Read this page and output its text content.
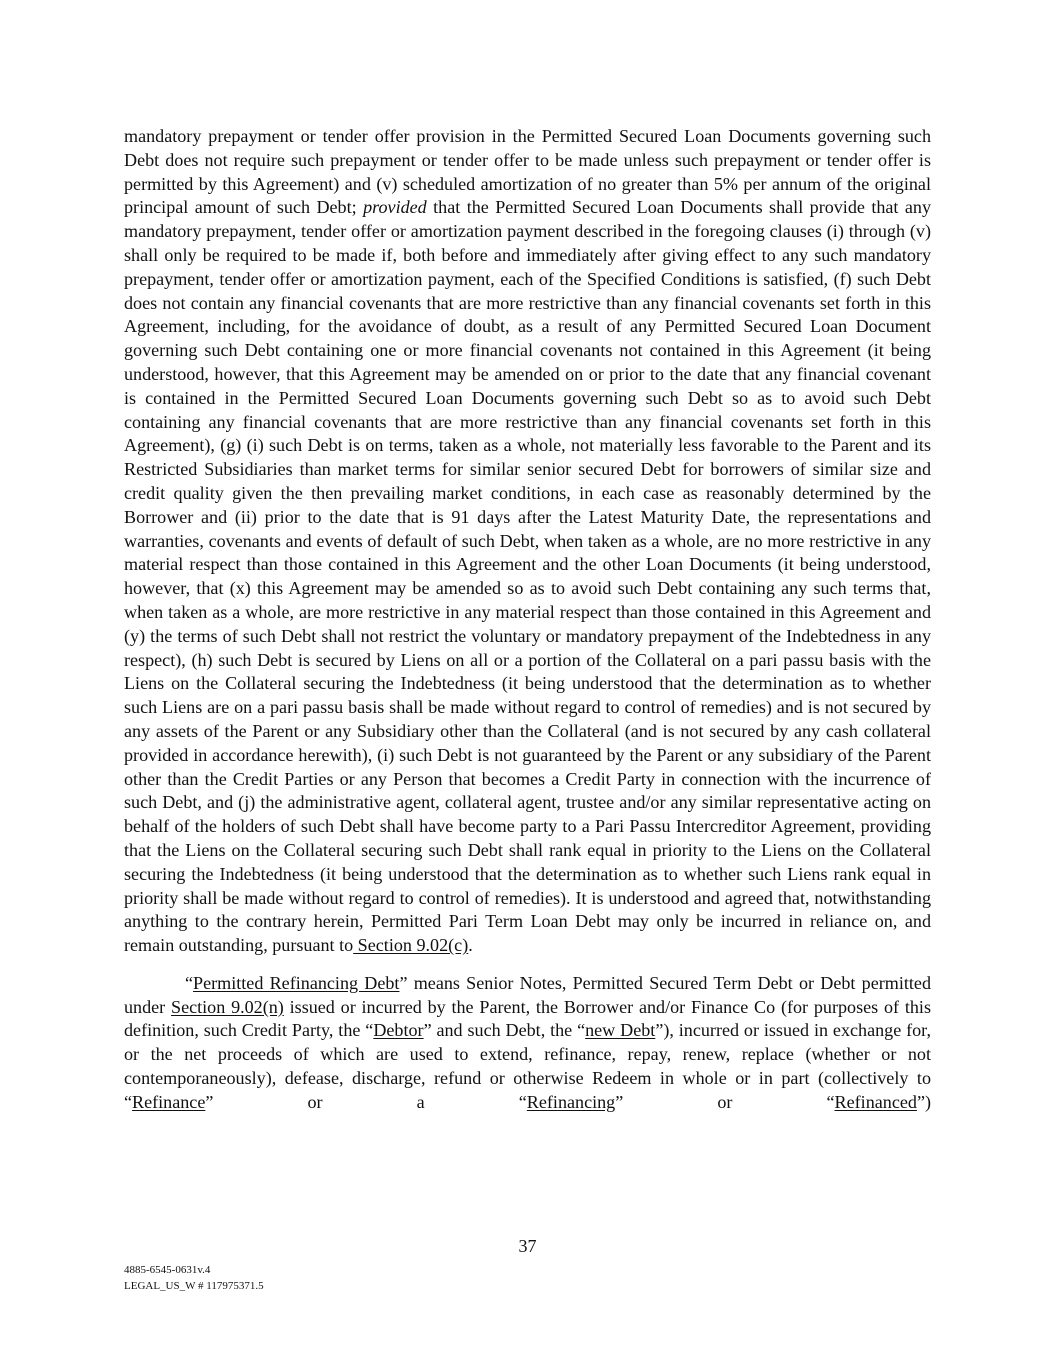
mandatory prepayment or tender offer provision in the Permitted Secured Loan Documents governing such Debt does not require such prepayment or tender offer to be made unless such prepayment or tender offer is permitted by this Agreement) and (v) scheduled amortization of no greater than 5% per annum of the original principal amount of such Debt; provided that the Permitted Secured Loan Documents shall provide that any mandatory prepayment, tender offer or amortization payment described in the foregoing clauses (i) through (v) shall only be required to be made if, both before and immediately after giving effect to any such mandatory prepayment, tender offer or amortization payment, each of the Specified Conditions is satisfied, (f) such Debt does not contain any financial covenants that are more restrictive than any financial covenants set forth in this Agreement, including, for the avoidance of doubt, as a result of any Permitted Secured Loan Document governing such Debt containing one or more financial covenants not contained in this Agreement (it being understood, however, that this Agreement may be amended on or prior to the date that any financial covenant is contained in the Permitted Secured Loan Documents governing such Debt so as to avoid such Debt containing any financial covenants that are more restrictive than any financial covenants set forth in this Agreement), (g) (i) such Debt is on terms, taken as a whole, not materially less favorable to the Parent and its Restricted Subsidiaries than market terms for similar senior secured Debt for borrowers of similar size and credit quality given the then prevailing market conditions, in each case as reasonably determined by the Borrower and (ii) prior to the date that is 91 days after the Latest Maturity Date, the representations and warranties, covenants and events of default of such Debt, when taken as a whole, are no more restrictive in any material respect than those contained in this Agreement and the other Loan Documents (it being understood, however, that (x) this Agreement may be amended so as to avoid such Debt containing any such terms that, when taken as a whole, are more restrictive in any material respect than those contained in this Agreement and (y) the terms of such Debt shall not restrict the voluntary or mandatory prepayment of the Indebtedness in any respect), (h) such Debt is secured by Liens on all or a portion of the Collateral on a pari passu basis with the Liens on the Collateral securing the Indebtedness (it being understood that the determination as to whether such Liens are on a pari passu basis shall be made without regard to control of remedies) and is not secured by any assets of the Parent or any Subsidiary other than the Collateral (and is not secured by any cash collateral provided in accordance herewith), (i) such Debt is not guaranteed by the Parent or any subsidiary of the Parent other than the Credit Parties or any Person that becomes a Credit Party in connection with the incurrence of such Debt, and (j) the administrative agent, collateral agent, trustee and/or any similar representative acting on behalf of the holders of such Debt shall have become party to a Pari Passu Intercreditor Agreement, providing that the Liens on the Collateral securing such Debt shall rank equal in priority to the Liens on the Collateral securing the Indebtedness (it being understood that the determination as to whether such Liens rank equal in priority shall be made without regard to control of remedies). It is understood and agreed that, notwithstanding anything to the contrary herein, Permitted Pari Term Loan Debt may only be incurred in reliance on, and remain outstanding, pursuant to Section 9.02(c).

“Permitted Refinancing Debt” means Senior Notes, Permitted Secured Term Debt or Debt permitted under Section 9.02(n) issued or incurred by the Parent, the Borrower and/or Finance Co (for purposes of this definition, such Credit Party, the “Debtor” and such Debt, the “new Debt”), incurred or issued in exchange for, or the net proceeds of which are used to extend, refinance, repay, renew, replace (whether or not contemporaneously), defease, discharge, refund or otherwise Redeem in whole or in part (collectively to “Refinance” or a “Refinancing” or “Refinanced”)

37
4885-6545-0631v.4
LEGAL_US_W # 117975371.5
